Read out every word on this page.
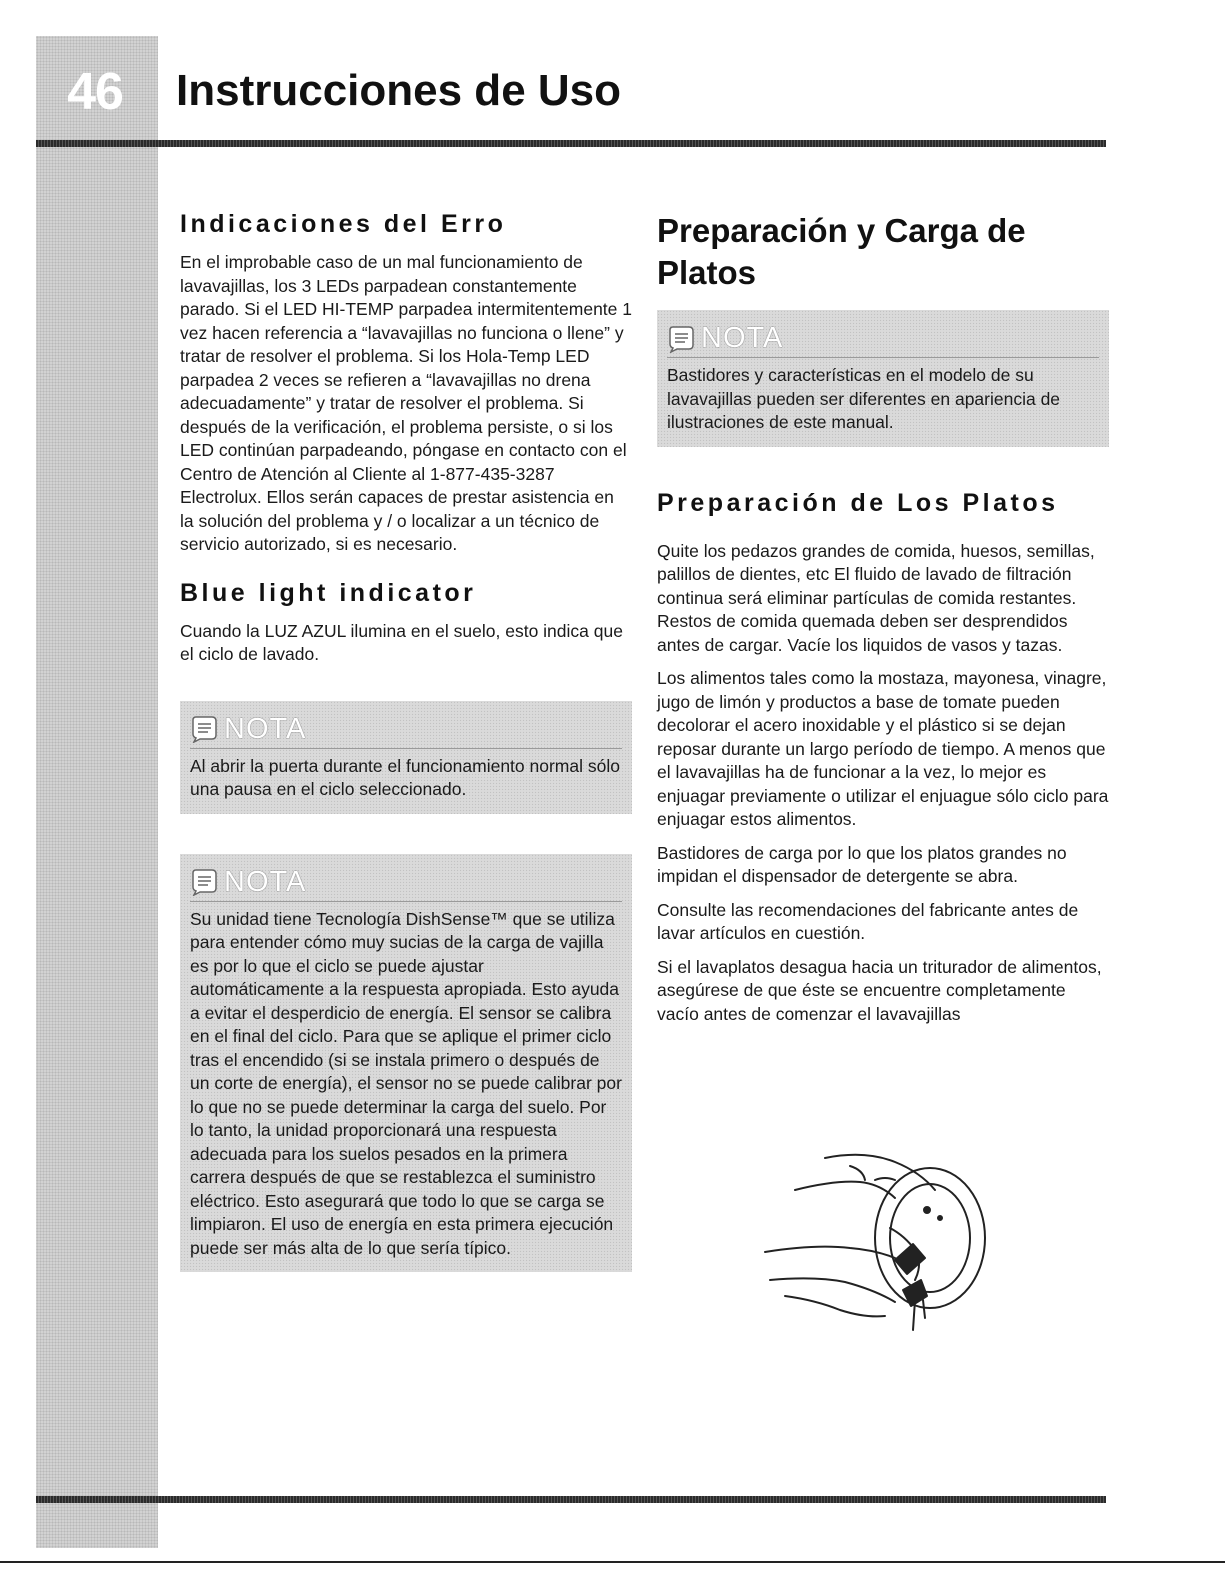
46	Instrucciones de Uso
Indicaciones del Erro

En el improbable caso de un mal funcionamiento de lavavajillas, los 3 LEDs parpadean constantemente parado. Si el LED HI-TEMP parpadea intermitentemente 1 vez hacen referencia a “lavavajillas no funciona o llene” y tratar de resolver el problema. Si los Hola-Temp LED parpadea 2 veces se refieren a “lavavajillas no drena adecuadamente” y tratar de resolver el problema. Si después de la verificación, el problema persiste, o si los LED continúan parpadeando, póngase en contacto con el Centro de Atención al Cliente al 1-877-435-3287 Electrolux. Ellos serán capaces de prestar asistencia en la solución del problema y / o localizar a un técnico de servicio autorizado, si es necesario.

Blue light indicator

Cuando la LUZ AZUL ilumina en el suelo, esto indica que el ciclo de lavado.

NOTA

Al abrir la puerta durante el funcionamiento normal sólo una pausa en el ciclo seleccionado.

NOTA

Su unidad tiene Tecnología DishSense™ que se utiliza para entender cómo muy sucias de la carga de vajilla es por lo que el ciclo se puede ajustar automáticamente a la respuesta apropiada. Esto ayuda a evitar el desperdicio de energía. El sensor se calibra en el final del ciclo. Para que se aplique el primer ciclo tras el encendido (si se instala primero o después de un corte de energía), el sensor no se puede calibrar por lo que no se puede determinar la carga del suelo. Por lo tanto, la unidad proporcionará una respuesta adecuada para los suelos pesados en la primera carrera después de que se restablezca el suministro eléctrico. Esto asegurará que todo lo que se carga se limpiaron. El uso de energía en esta primera ejecución puede ser más alta de lo que sería típico.

Preparación y Carga de Platos
NOTA

Bastidores y características en el modelo de su lavavajillas pueden ser diferentes en apariencia de ilustraciones de este manual.

Preparación de Los Platos

Quite los pedazos grandes de comida, huesos, semillas, palillos de dientes, etc El fluido de lavado de filtración continua será eliminar partículas de comida restantes. Restos de comida quemada deben ser desprendidos antes de cargar. Vacíe los liquidos de vasos y tazas.

Los alimentos tales como la mostaza, mayonesa, vinagre, jugo de limón y productos a base de tomate pueden decolorar el acero inoxidable y el plástico si se dejan reposar durante un largo período de tiempo. A menos que el lavavajillas ha de funcionar a la vez, lo mejor es enjuagar previamente o utilizar el enjuague sólo ciclo para enjuagar estos alimentos.

Bastidores de carga por lo que los platos grandes no impidan el dispensador de detergente se abra.

Consulte las recomendaciones del fabricante antes de lavar artículos en cuestión.

Si el lavaplatos desagua hacia un triturador de alimentos, asegúrese de que éste se encuentre completamente vacío antes de comenzar el lavavajillas
